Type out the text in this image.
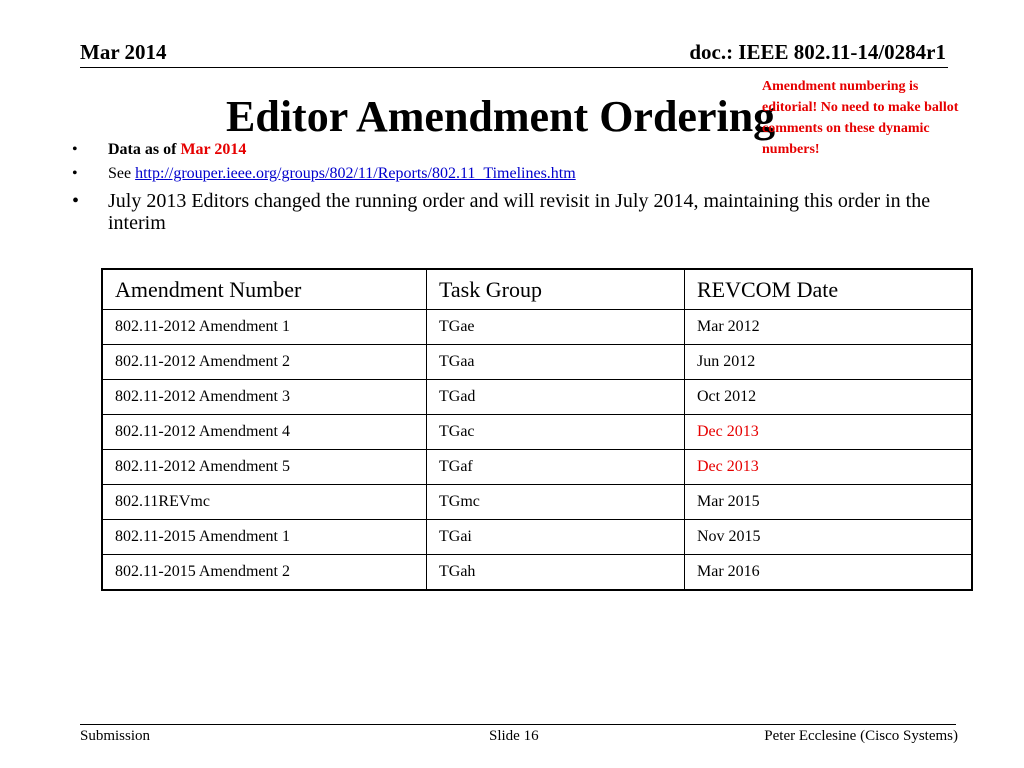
Mar 2014	doc.: IEEE 802.11-14/0284r1
Editor Amendment Ordering
Amendment numbering is editorial! No need to make ballot comments on these dynamic numbers!
• Data as of Mar 2014
• See http://grouper.ieee.org/groups/802/11/Reports/802.11_Timelines.htm
• July 2013 Editors changed the running order and will revisit in July 2014, maintaining this order in the interim
Amendment Number	Task Group	REVCOM Date
802.11-2012 Amendment 1	TGae	Mar 2012
802.11-2012 Amendment 2	TGaa	Jun 2012
802.11-2012 Amendment 3	TGad	Oct 2012
802.11-2012 Amendment 4	TGac	Dec 2013
802.11-2012 Amendment 5	TGaf	Dec 2013
802.11REVmc	TGmc	Mar 2015
802.11-2015 Amendment 1	TGai	Nov 2015
802.11-2015 Amendment 2	TGah	Mar 2016
Submission	Slide 16	Peter Ecclesine (Cisco Systems)
